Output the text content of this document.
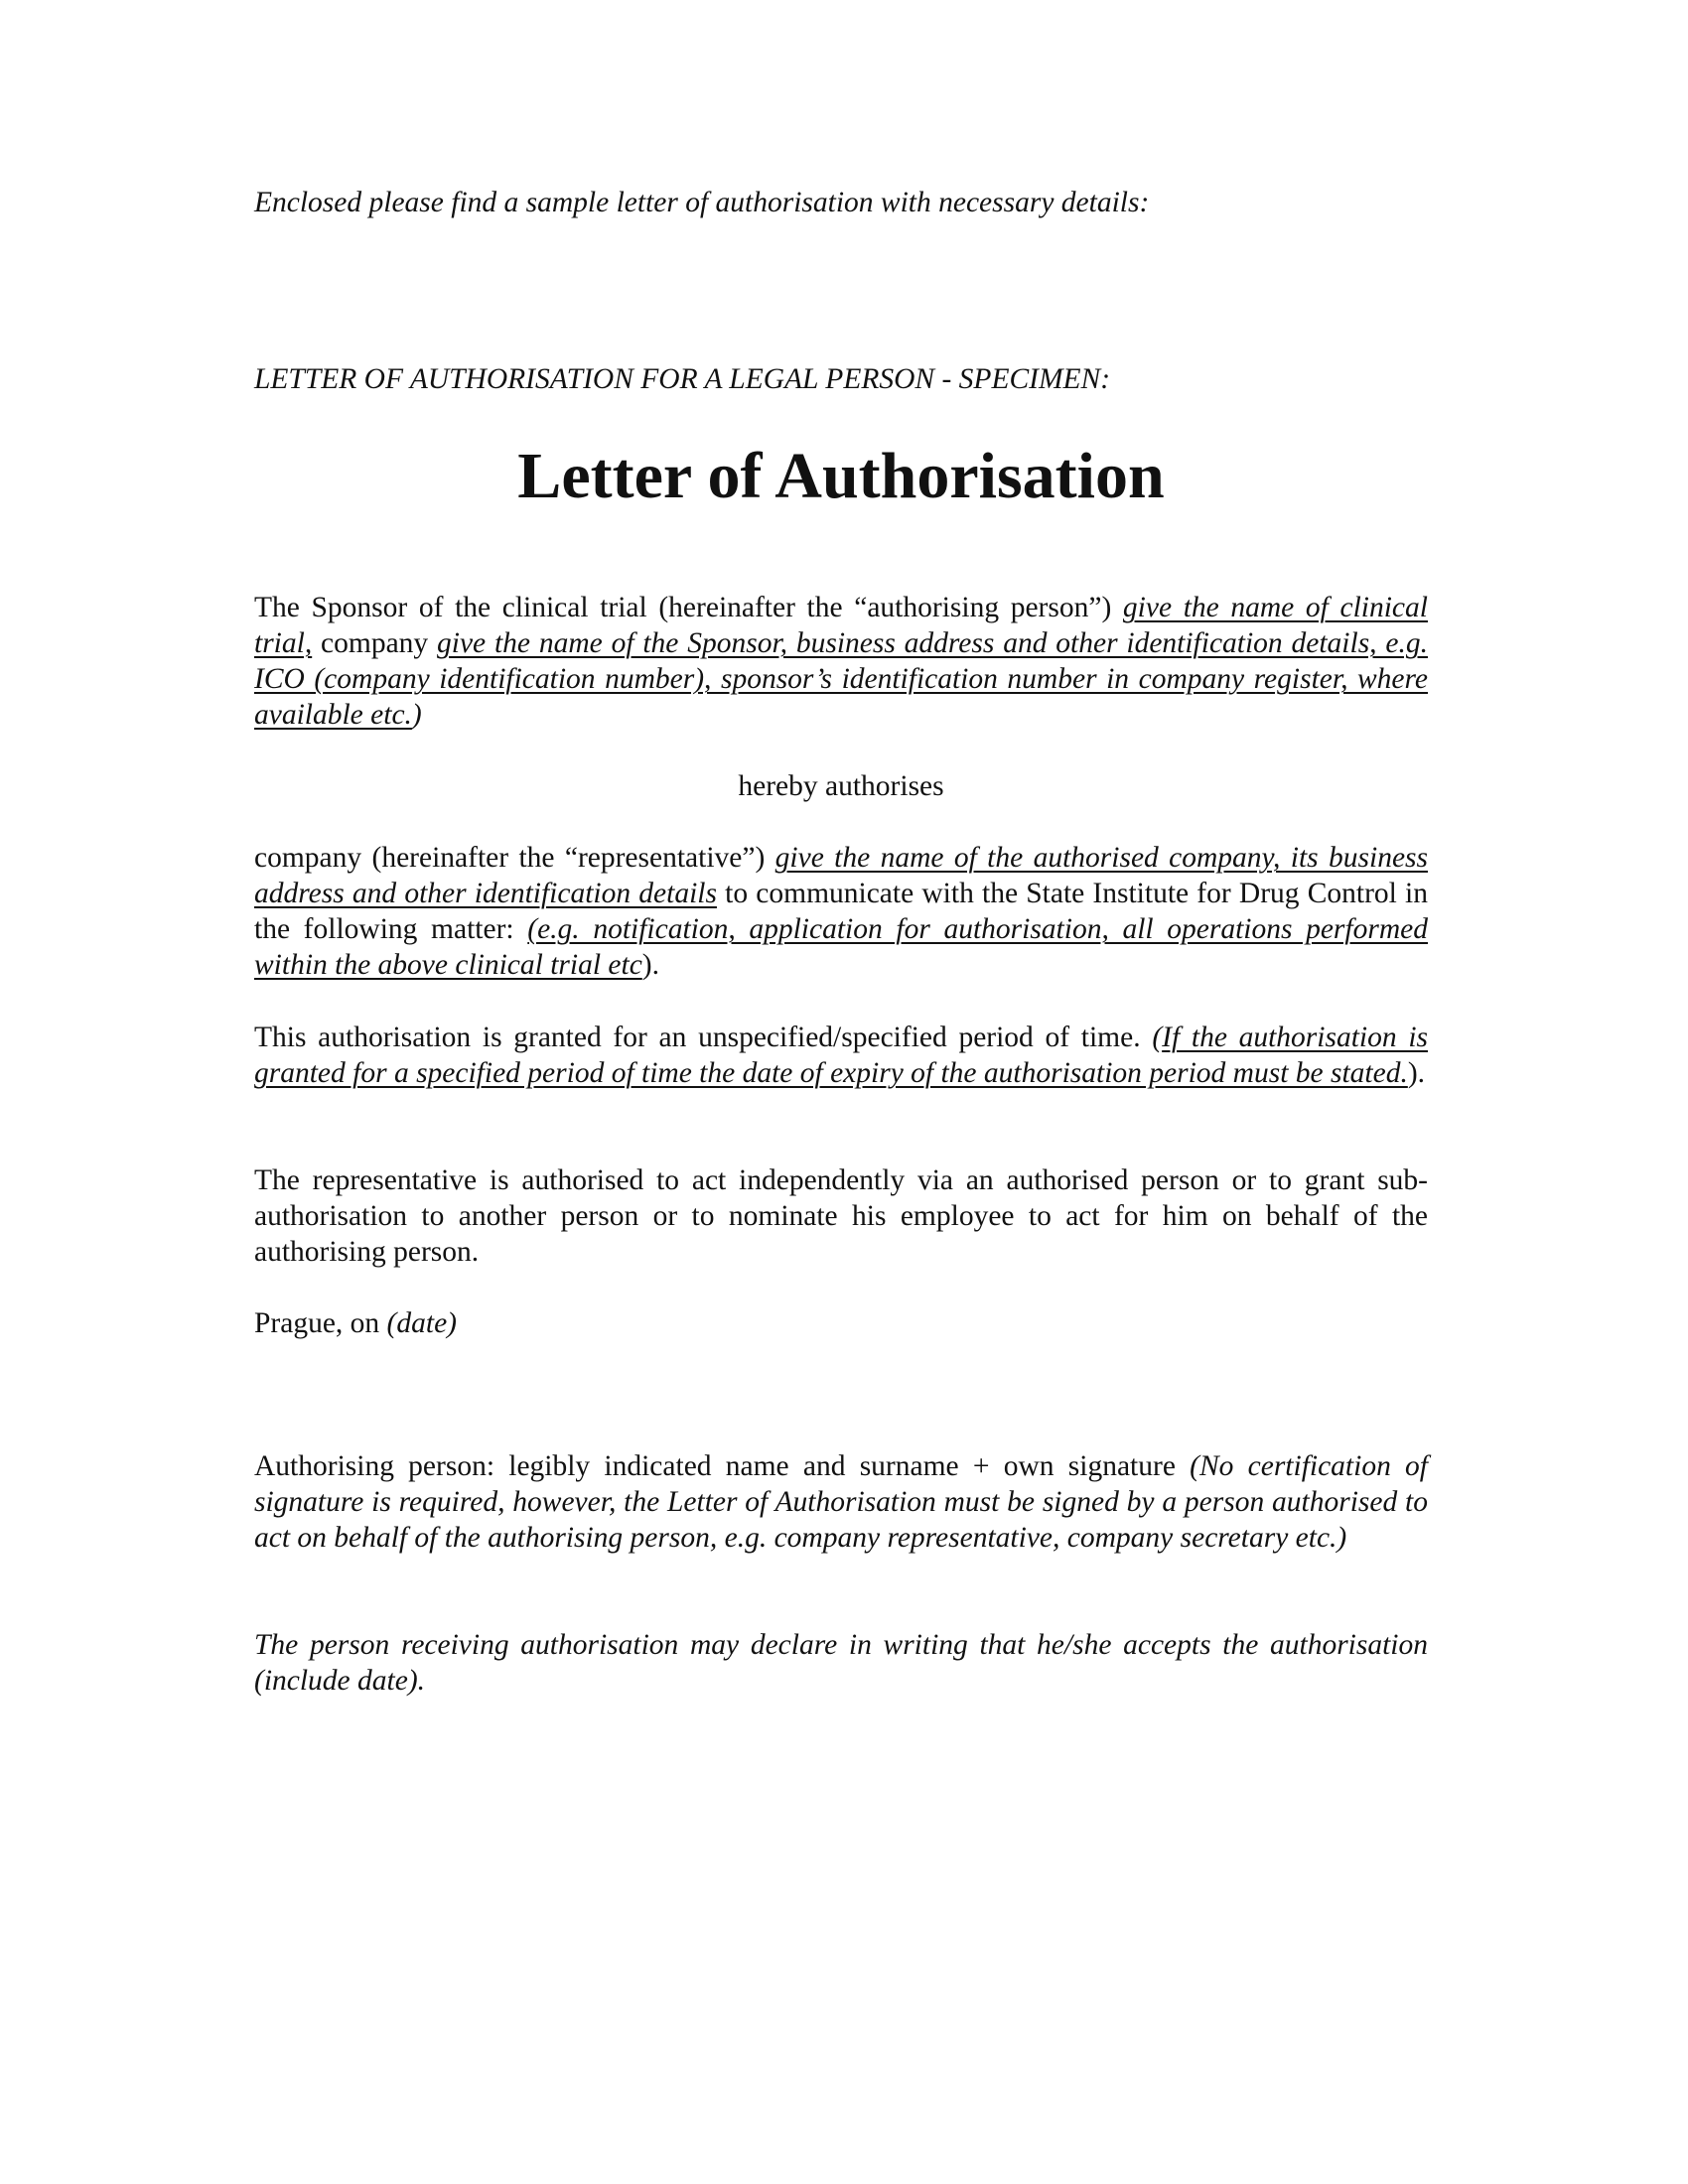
Enclosed please find a sample letter of authorisation with necessary details:
LETTER OF AUTHORISATION FOR A LEGAL PERSON - SPECIMEN:
Letter of Authorisation
The Sponsor of the clinical trial (hereinafter the “authorising person”) give the name of clinical trial, company give the name of the Sponsor, business address and other identification details, e.g. ICO (company identification number), sponsor’s identification number in company register, where available etc.)
hereby authorises
company (hereinafter the “representative”) give the name of the authorised company, its business address and other identification details to communicate with the State Institute for Drug Control in the following matter: (e.g. notification, application for authorisation, all operations performed within the above clinical trial etc).
This authorisation is granted for an unspecified/specified period of time. (If the authorisation is granted for a specified period of time the date of expiry of the authorisation period must be stated.).
The representative is authorised to act independently via an authorised person or to grant sub-authorisation to another person or to nominate his employee to act for him on behalf of the authorising person.
Prague, on (date)
Authorising person: legibly indicated name and surname + own signature (No certification of signature is required, however, the Letter of Authorisation must be signed by a person authorised to act on behalf of the authorising person, e.g. company representative, company secretary etc.)
The person receiving authorisation may declare in writing that he/she accepts the authorisation (include date).
